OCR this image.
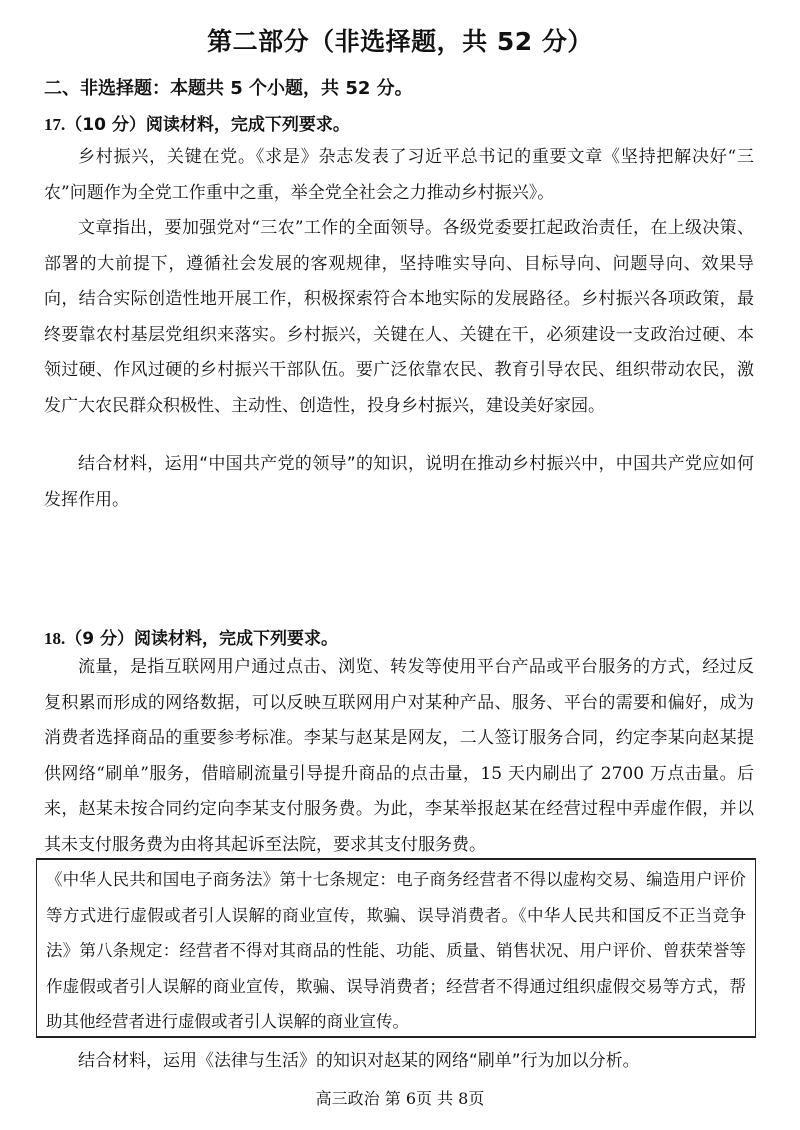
第二部分（非选择题，共 52 分）
二、非选择题：本题共 5 个小题，共 52 分。
17.（10 分）阅读材料，完成下列要求。
乡村振兴，关键在党。《求是》杂志发表了习近平总书记的重要文章《坚持把解决好“三农”问题作为全党工作重中之重，举全党全社会之力推动乡村振兴》。
文章指出，要加强党对“三农”工作的全面领导。各级党委要扛起政治责任，在上级决策、部署的大前提下，遵循社会发展的客观规律，坚持唯实导向、目标导向、问题导向、效果导向，结合实际创造性地开展工作，积极探索符合本地实际的发展路径。乡村振兴各项政策，最终要靠农村基层党组织来落实。乡村振兴，关键在人、关键在干，必须建设一支政治过硬、本领过硬、作风过硬的乡村振兴干部队伍。要广泛依靠农民、教育引导农民、组织带动农民，激发广大农民群众积极性、主动性、创造性，投身乡村振兴，建设美好家园。
结合材料，运用“中国共产党的领导”的知识，说明在推动乡村振兴中，中国共产党应如何发挥作用。
18.（9 分）阅读材料，完成下列要求。
流量，是指互联网用户通过点击、浏览、转发等使用平台产品或平台服务的方式，经过反复积累而形成的网络数据，可以反映互联网用户对某种产品、服务、平台的需要和偏好，成为消费者选择商品的重要参考标准。李某与赵某是网友，二人签订服务合同，约定李某向赵某提供网络“刷单”服务，借暗刷流量引导提升商品的点击量，15 天内刷出了 2700 万点击量。后来，赵某未按合同约定向李某支付服务费。为此，李某举报赵某在经营过程中弄虚作假，并以其未支付服务费为由将其起诉至法院，要求其支付服务费。
《中华人民共和国电子商务法》第十七条规定：电子商务经营者不得以虚构交易、编造用户评价等方式进行虚假或者引人误解的商业宣传，欺骗、误导消费者。《中华人民共和国反不正当竞争法》第八条规定：经营者不得对其商品的性能、功能、质量、销售状况、用户评价、曾获荣誉等作虚假或者引人误解的商业宣传，欺骗、误导消费者；经营者不得通过组织虚假交易等方式，帮助其他经营者进行虚假或者引人误解的商业宣传。
结合材料，运用《法律与生活》的知识对赵某的网络“刷单”行为加以分析。
高三政治 第 6页 共 8页
